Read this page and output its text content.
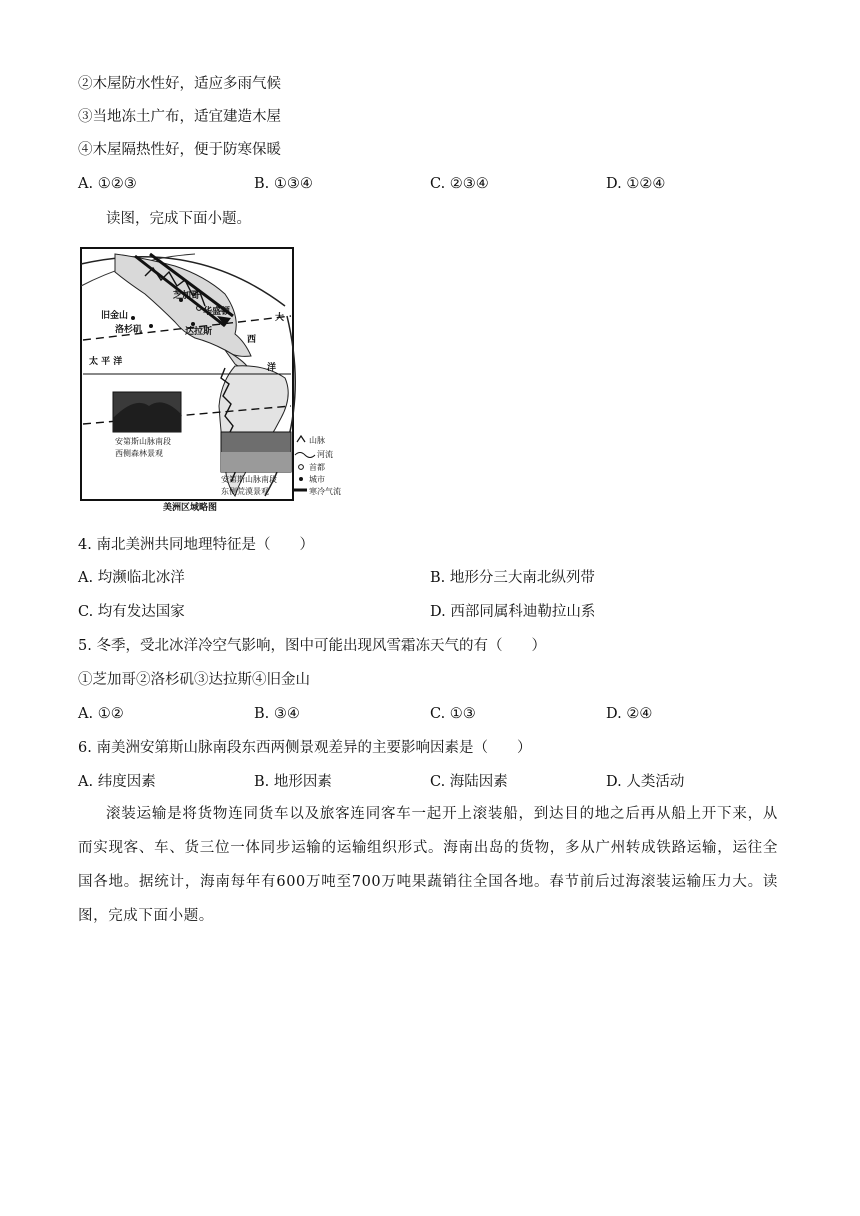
②木屋防水性好，适应多雨气候
③当地冻土广布，适宜建造木屋
④木屋隔热性好，便于防寒保暖
A. ①②③	B. ①③④	C. ②③④	D. ①②④
读图，完成下面小题。
芝加哥
华盛顿
旧金山
洛杉矶	达拉斯
太 平 洋
大
西
洋
安第斯山脉南段
西侧森林景观
安第斯山脉南段
东侧荒漠景观
山脉
河流
首都
城市
寒冷气流
美洲区域略图
4. 南北美洲共同地理特征是（　　）
A. 均濒临北冰洋	B. 地形分三大南北纵列带
C. 均有发达国家	D. 西部同属科迪勒拉山系
5. 冬季，受北冰洋冷空气影响，图中可能出现风雪霜冻天气的有（　　）
①芝加哥②洛杉矶③达拉斯④旧金山
A. ①②	B. ③④	C. ①③	D. ②④
6. 南美洲安第斯山脉南段东西两侧景观差异的主要影响因素是（　　）
A. 纬度因素	B. 地形因素	C. 海陆因素	D. 人类活动
滚装运输是将货物连同货车以及旅客连同客车一起开上滚装船，到达目的地之后再从船上开下来，从而实现客、车、货三位一体同步运输的运输组织形式。海南出岛的货物，多从广州转成铁路运输，运往全国各地。据统计，海南每年有600万吨至700万吨果蔬销往全国各地。春节前后过海滚装运输压力大。读图，完成下面小题。
